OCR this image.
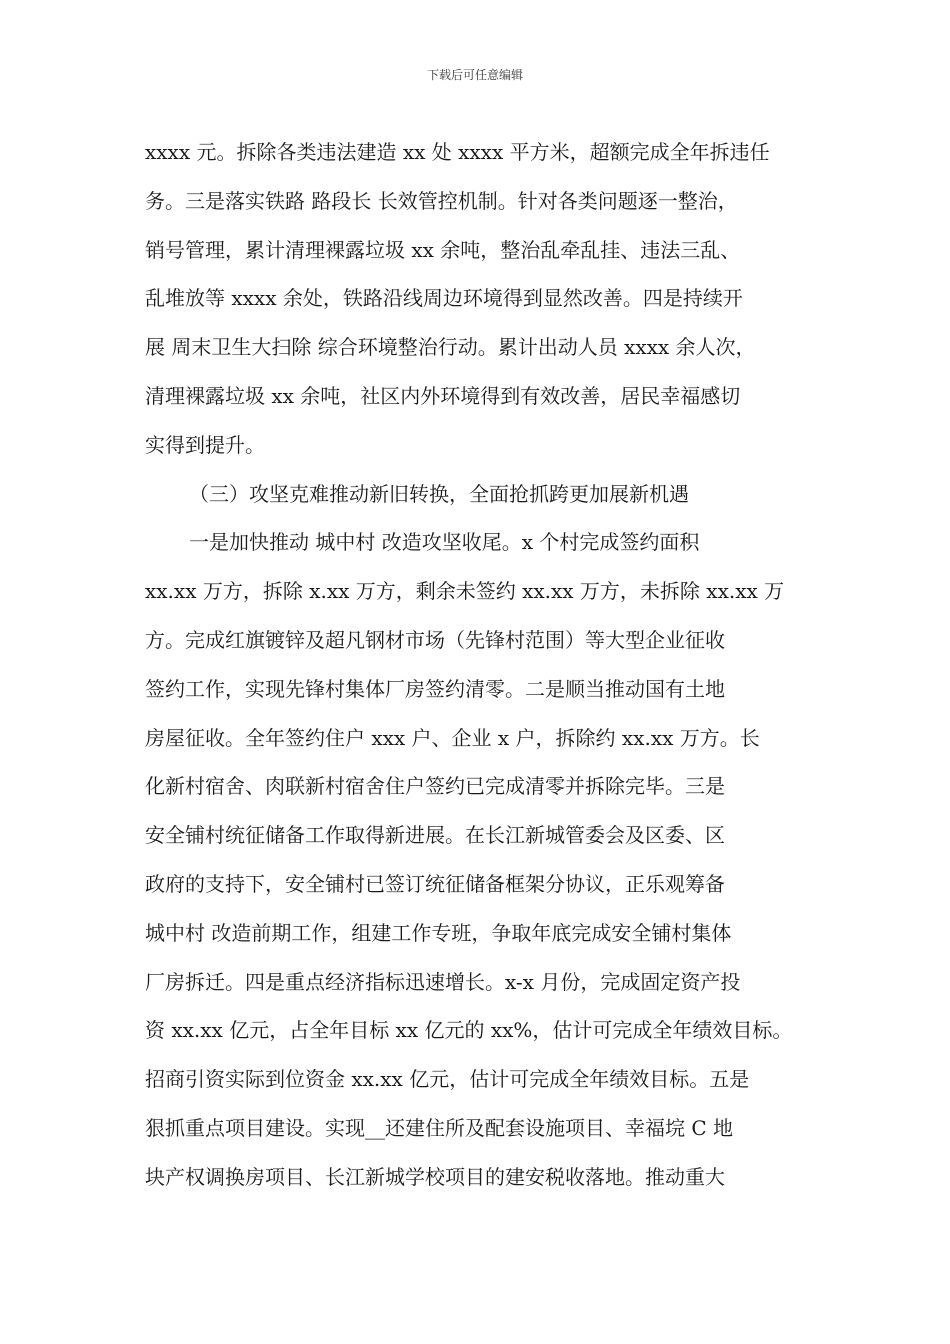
下载后可任意编辑
xxxx 元。拆除各类违法建造 xx 处 xxxx 平方米，超额完成全年拆违任
务。三是落实铁路 路段长 长效管控机制。针对各类问题逐一整治，
销号管理，累计清理裸露垃圾 xx 余吨，整治乱牵乱挂、违法三乱、
乱堆放等 xxxx 余处，铁路沿线周边环境得到显然改善。四是持续开
展 周末卫生大扫除 综合环境整治行动。累计出动人员 xxxx 余人次，
清理裸露垃圾 xx 余吨，社区内外环境得到有效改善，居民幸福感切
实得到提升。
（三）攻坚克难推动新旧转换，全面抢抓跨更加展新机遇
一是加快推动 城中村 改造攻坚收尾。x 个村完成签约面积
xx.xx 万方，拆除 x.xx 万方，剩余未签约 xx.xx 万方，未拆除 xx.xx 万
方。完成红旗镀锌及超凡钢材市场（先锋村范围）等大型企业征收
签约工作，实现先锋村集体厂房签约清零。二是顺当推动国有土地
房屋征收。全年签约住户 xxx 户、企业 x 户，拆除约 xx.xx 万方。长
化新村宿舍、肉联新村宿舍住户签约已完成清零并拆除完毕。三是
安全铺村统征储备工作取得新进展。在长江新城管委会及区委、区
政府的支持下，安全铺村已签订统征储备框架分协议，正乐观筹备
城中村 改造前期工作，组建工作专班，争取年底完成安全铺村集体
厂房拆迁。四是重点经济指标迅速增长。x-x 月份，完成固定资产投
资 xx.xx 亿元，占全年目标 xx 亿元的 xx%，估计可完成全年绩效目标。
招商引资实际到位资金 xx.xx 亿元，估计可完成全年绩效目标。五是
狠抓重点项目建设。实现__还建住所及配套设施项目、幸福垸 C 地
块产权调换房项目、长江新城学校项目的建安税收落地。推动重大
